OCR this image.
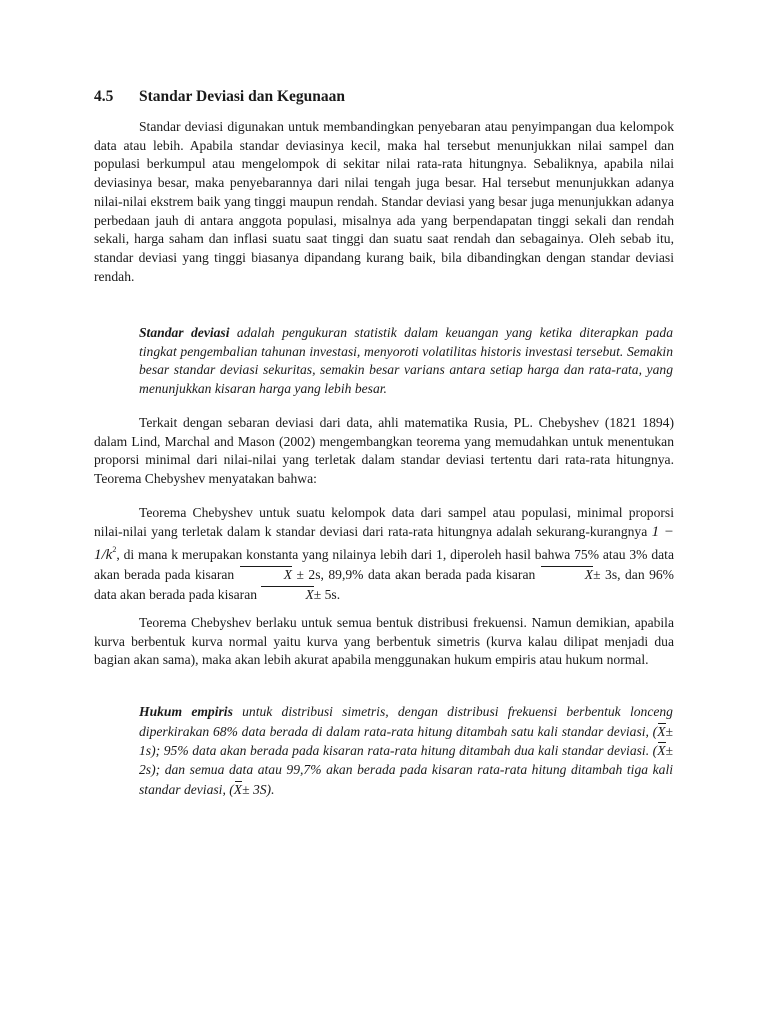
4.5 Standar Deviasi dan Kegunaan

Standar deviasi digunakan untuk membandingkan penyebaran atau penyimpangan dua kelompok data atau lebih. Apabila standar deviasinya kecil, maka hal tersebut menunjukkan nilai sampel dan populasi berkumpul atau mengelompok di sekitar nilai rata-rata hitungnya. Sebaliknya, apabila nilai deviasinya besar, maka penyebarannya dari nilai tengah juga besar. Hal tersebut menunjukkan adanya nilai-nilai ekstrem baik yang tinggi maupun rendah. Standar deviasi yang besar juga menunjukkan adanya perbedaan jauh di antara anggota populasi, misalnya ada yang berpendapatan tinggi sekali dan rendah sekali, harga saham dan inflasi suatu saat tinggi dan suatu saat rendah dan sebagainya. Oleh sebab itu, standar deviasi yang tinggi biasanya dipandang kurang baik, bila dibandingkan dengan standar deviasi rendah.

Standar deviasi adalah pengukuran statistik dalam keuangan yang ketika diterapkan pada tingkat pengembalian tahunan investasi, menyoroti volatilitas historis investasi tersebut. Semakin besar standar deviasi sekuritas, semakin besar varians antara setiap harga dan rata-rata, yang menunjukkan kisaran harga yang lebih besar.

Terkait dengan sebaran deviasi dari data, ahli matematika Rusia, PL. Chebyshev (1821 1894) dalam Lind, Marchal and Mason (2002) mengembangkan teorema yang memudahkan untuk menentukan proporsi minimal dari nilai-nilai yang terletak dalam standar deviasi tertentu dari rata-rata hitungnya. Teorema Chebyshev menyatakan bahwa:

Teorema Chebyshev untuk suatu kelompok data dari sampel atau populasi, minimal proporsi nilai-nilai yang terletak dalam k standar deviasi dari rata-rata hitungnya adalah sekurang-kurangnya $1 - 1/k^2$, di mana k merupakan konstanta yang nilainya lebih dari 1, diperoleh hasil bahwa 75% atau 3% data akan berada pada kisaran	X ± 2s, 89,9% data akan berada pada kisaran	X± 3s, dan 96% data akan berada pada kisaran	X± 5s.

Teorema Chebyshev berlaku untuk semua bentuk distribusi frekuensi. Namun demikian, apabila kurva berbentuk kurva normal yaitu kurva yang berbentuk simetris (kurva kalau dilipat menjadi dua bagian akan sama), maka akan lebih akurat apabila menggunakan hukum empiris atau hukum normal.

Hukum empiris untuk distribusi simetris, dengan distribusi frekuensi berbentuk lonceng diperkirakan 68% data berada di dalam rata-rata hitung ditambah satu kali standar deviasi, (X± 1s); 95% data akan berada pada kisaran rata-rata hitung ditambah dua kali standar deviasi. (X± 2s); dan semua data atau 99,7% akan berada pada kisaran rata-rata hitung ditambah tiga kali standar deviasi, (X± 3S).
